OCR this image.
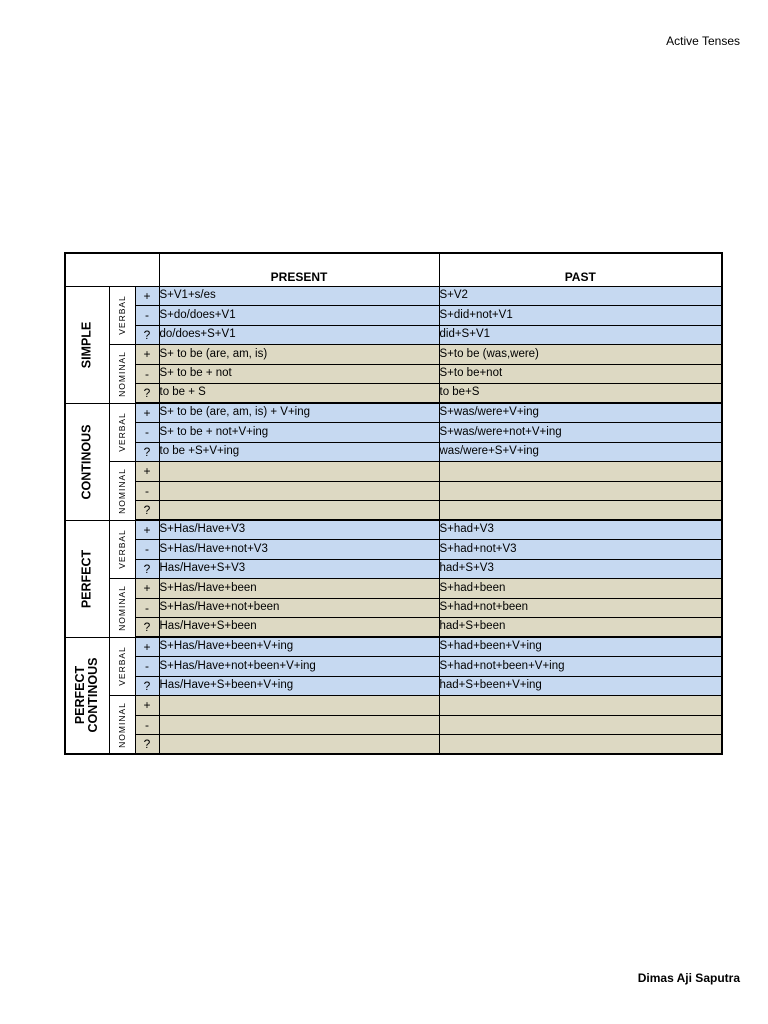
Active Tenses
			PRESENT	PAST

SIMPLE	VERBAL	+	S+V1+s/es	S+V2
		-	S+do/does+V1	S+did+not+V1
		?	do/does+S+V1	did+S+V1

	NOMINAL	+	S+ to be (are, am, is)	S+to be (was,were)
		-	S+ to be + not	S+to be+not
		?	to be + S	to be+S

CONTINOUS	VERBAL	+	S+ to be (are, am, is) + V+ing	S+was/were+V+ing
		-	S+ to be + not+V+ing	S+was/were+not+V+ing
		?	to be +S+V+ing	was/were+S+V+ing

	NOMINAL	+		
		-		
		?		

PERFECT	VERBAL	+	S+Has/Have+V3	S+had+V3
		-	S+Has/Have+not+V3	S+had+not+V3
		?	Has/Have+S+V3	had+S+V3

	NOMINAL	+	S+Has/Have+been	S+had+been
		-	S+Has/Have+not+been	S+had+not+been
		?	Has/Have+S+been	had+S+been

PERFECT CONTINOUS	VERBAL	+	S+Has/Have+been+V+ing	S+had+been+V+ing
		-	S+Has/Have+not+been+V+ing	S+had+not+been+V+ing
		?	Has/Have+S+been+V+ing	had+S+been+V+ing

	NOMINAL	+		
		-		
		?		
Dimas Aji Saputra
